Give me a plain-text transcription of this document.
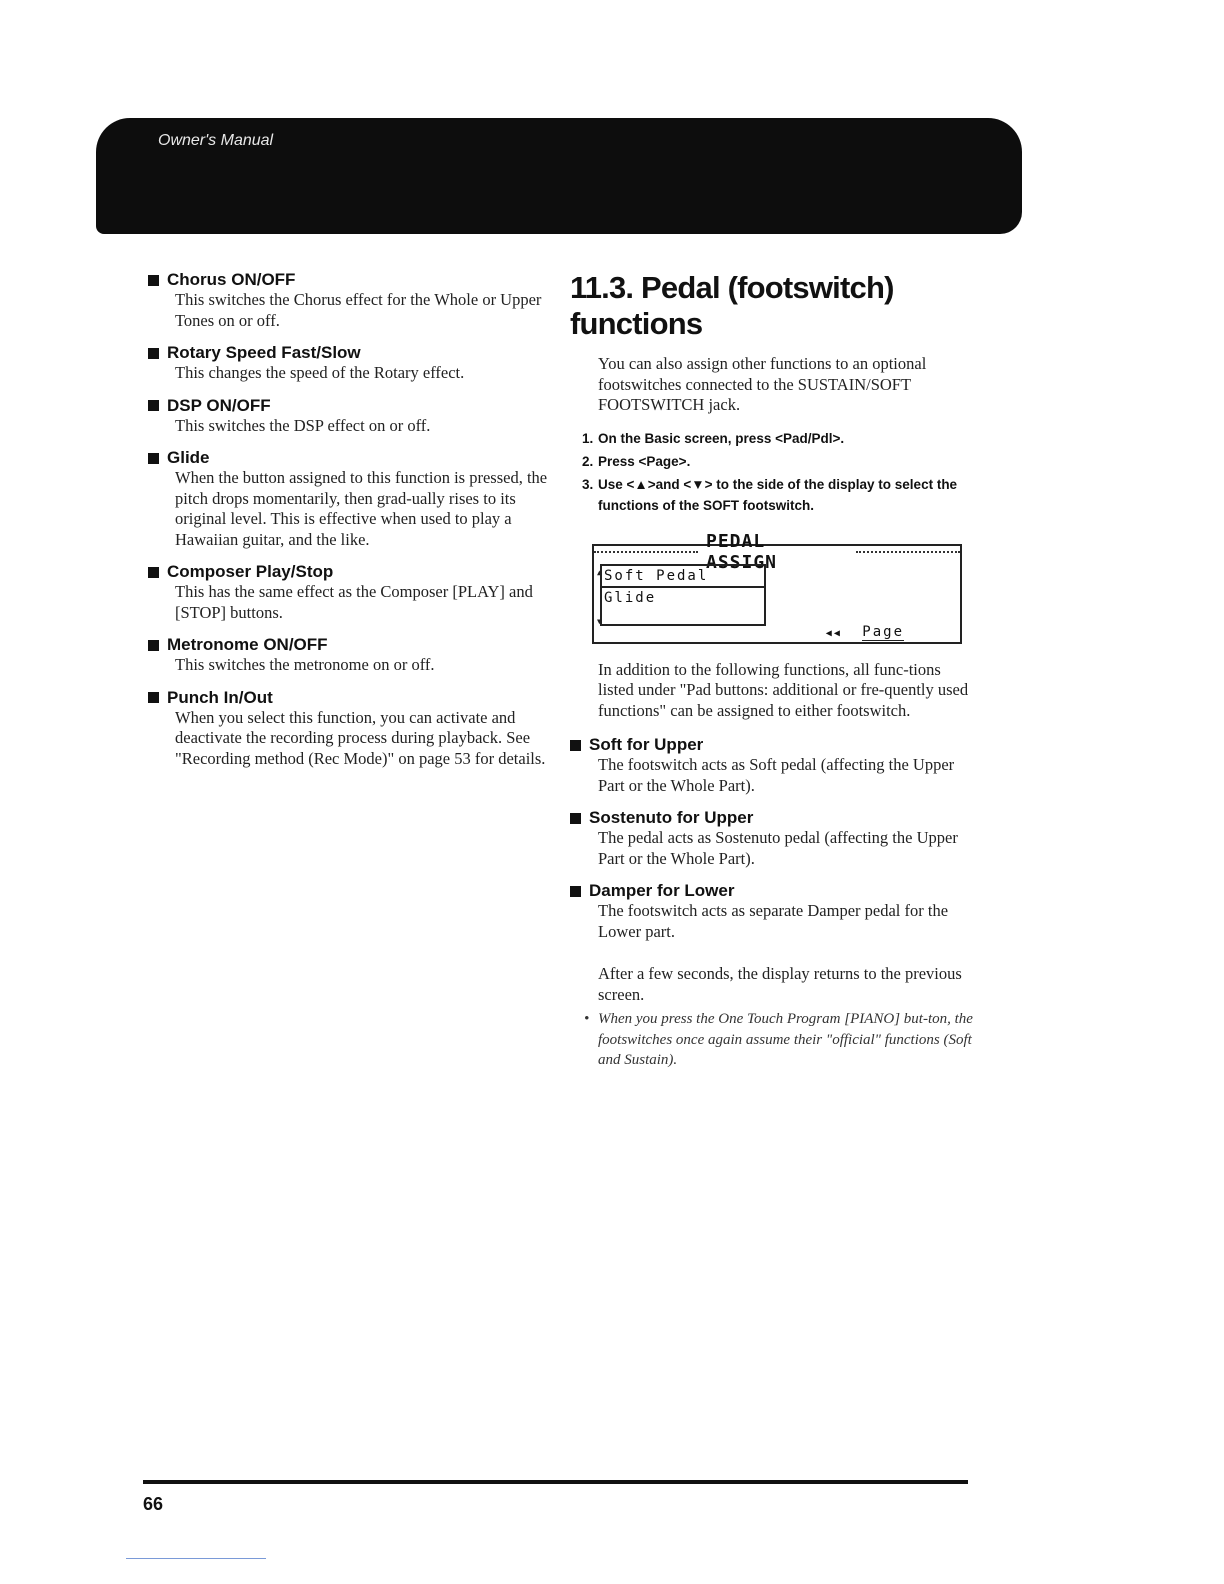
Owner's Manual
Chorus ON/OFF
This switches the Chorus effect for the Whole or Upper Tones on or off.
Rotary Speed Fast/Slow
This changes the speed of the Rotary effect.
DSP ON/OFF
This switches the DSP effect on or off.
Glide
When the button assigned to this function is pressed, the pitch drops momentarily, then grad-ually rises to its original level. This is effective when used to play a Hawaiian guitar, and the like.
Composer Play/Stop
This has the same effect as the Composer [PLAY] and [STOP] buttons.
Metronome ON/OFF
This switches the metronome on or off.
Punch In/Out
When you select this function, you can activate and deactivate the recording process during playback. See "Recording method (Rec Mode)" on page 53 for details.
11.3. Pedal (footswitch) functions
You can also assign other functions to an optional footswitches connected to the SUSTAIN/SOFT FOOTSWITCH jack.
1. On the Basic screen, press <Pad/Pdl>.
2. Press <Page>.
3. Use <▲>and <▼> to the side of the display to select the functions of the SOFT footswitch.
PEDAL ASSIGN
▲ Soft Pedal
Glide
▼
◀◀ Page
In addition to the following functions, all func-tions listed under "Pad buttons: additional or fre-quently used functions" can be assigned to either footswitch.
Soft for Upper
The footswitch acts as Soft pedal (affecting the Upper Part or the Whole Part).
Sostenuto for Upper
The pedal acts as Sostenuto pedal (affecting the Upper Part or the Whole Part).
Damper for Lower
The footswitch acts as separate Damper pedal for the Lower part.
After a few seconds, the display returns to the previous screen.
• When you press the One Touch Program [PIANO] but-ton, the footswitches once again assume their "official" functions (Soft and Sustain).
66
